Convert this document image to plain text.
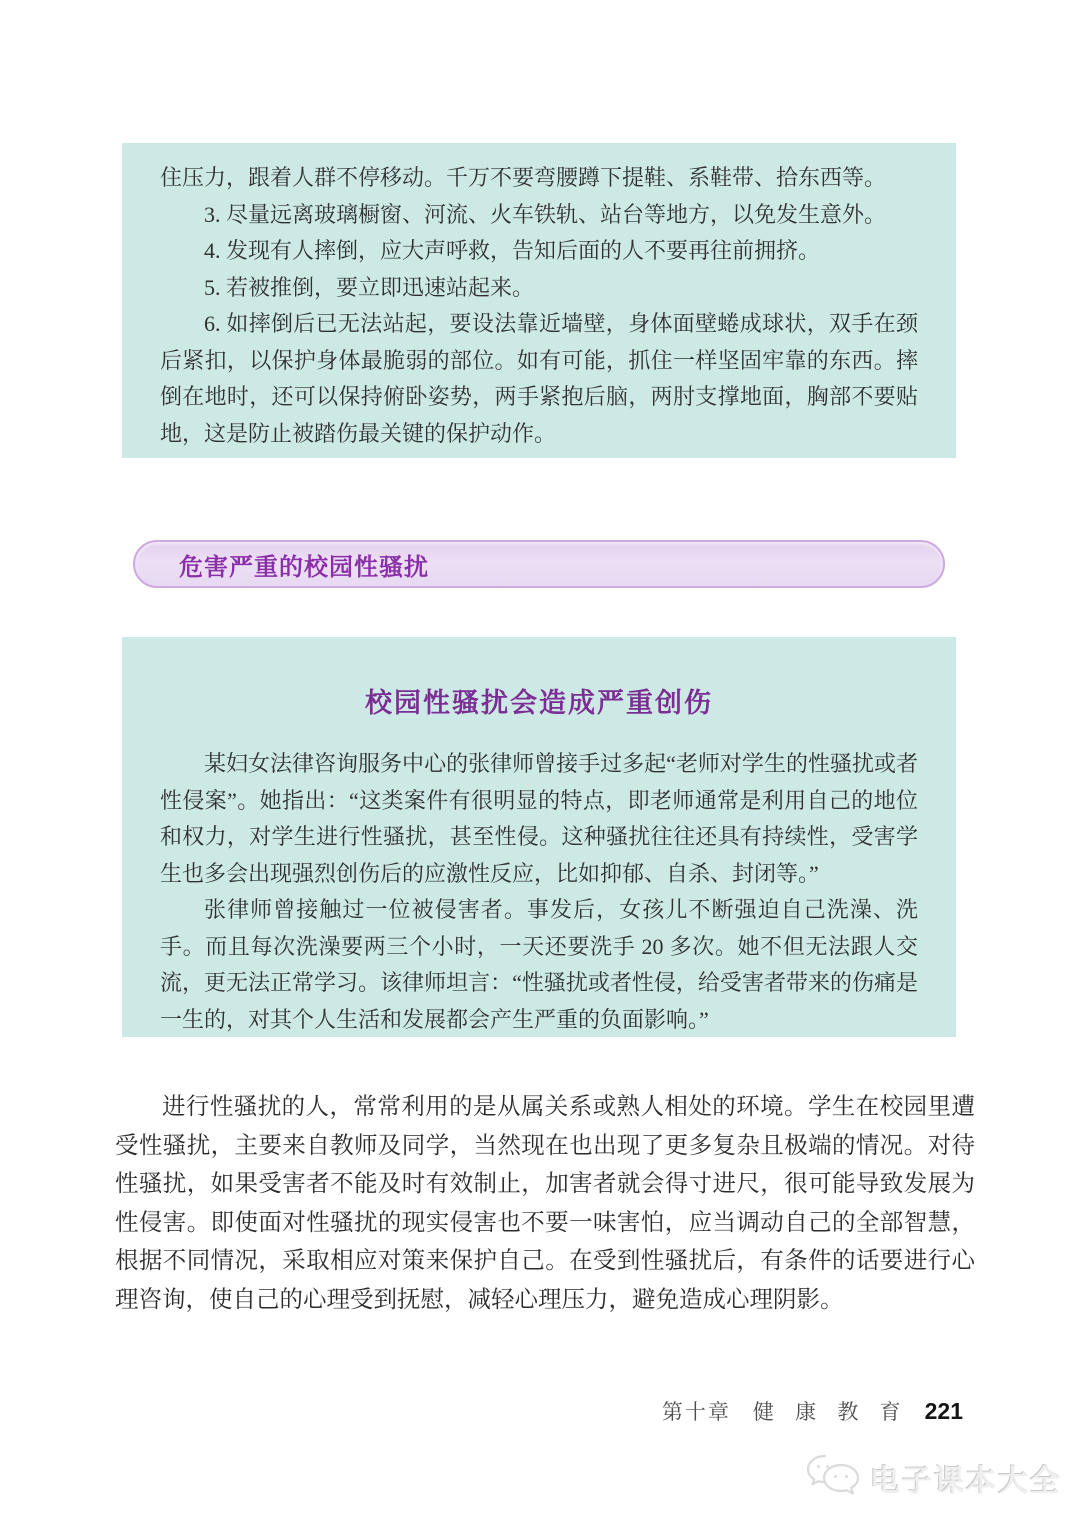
住压力，跟着人群不停移动。千万不要弯腰蹲下提鞋、系鞋带、拾东西等。

3. 尽量远离玻璃橱窗、河流、火车铁轨、站台等地方，以免发生意外。

4. 发现有人摔倒，应大声呼救，告知后面的人不要再往前拥挤。

5. 若被推倒，要立即迅速站起来。

6. 如摔倒后已无法站起，要设法靠近墙壁，身体面壁蜷成球状，双手在颈后紧扣，以保护身体最脆弱的部位。如有可能，抓住一样坚固牢靠的东西。摔倒在地时，还可以保持俯卧姿势，两手紧抱后脑，两肘支撑地面，胸部不要贴地，这是防止被踏伤最关键的保护动作。

危害严重的校园性骚扰
校园性骚扰会造成严重创伤

某妇女法律咨询服务中心的张律师曾接手过多起“老师对学生的性骚扰或者性侵案”。她指出：“这类案件有很明显的特点，即老师通常是利用自己的地位和权力，对学生进行性骚扰，甚至性侵。这种骚扰往往还具有持续性，受害学生也多会出现强烈创伤后的应激性反应，比如抑郁、自杀、封闭等。”

张律师曾接触过一位被侵害者。事发后，女孩儿不断强迫自己洗澡、洗手。而且每次洗澡要两三个小时，一天还要洗手 20 多次。她不但无法跟人交流，更无法正常学习。该律师坦言：“性骚扰或者性侵，给受害者带来的伤痛是一生的，对其个人生活和发展都会产生严重的负面影响。”

进行性骚扰的人，常常利用的是从属关系或熟人相处的环境。学生在校园里遭受性骚扰，主要来自教师及同学，当然现在也出现了更多复杂且极端的情况。对待性骚扰，如果受害者不能及时有效制止，加害者就会得寸进尺，很可能导致发展为性侵害。即使面对性骚扰的现实侵害也不要一味害怕，应当调动自己的全部智慧，根据不同情况，采取相应对策来保护自己。在受到性骚扰后，有条件的话要进行心理咨询，使自己的心理受到抚慰，减轻心理压力，避免造成心理阴影。

第十章 健 康 教 育 221
电子课本大全
